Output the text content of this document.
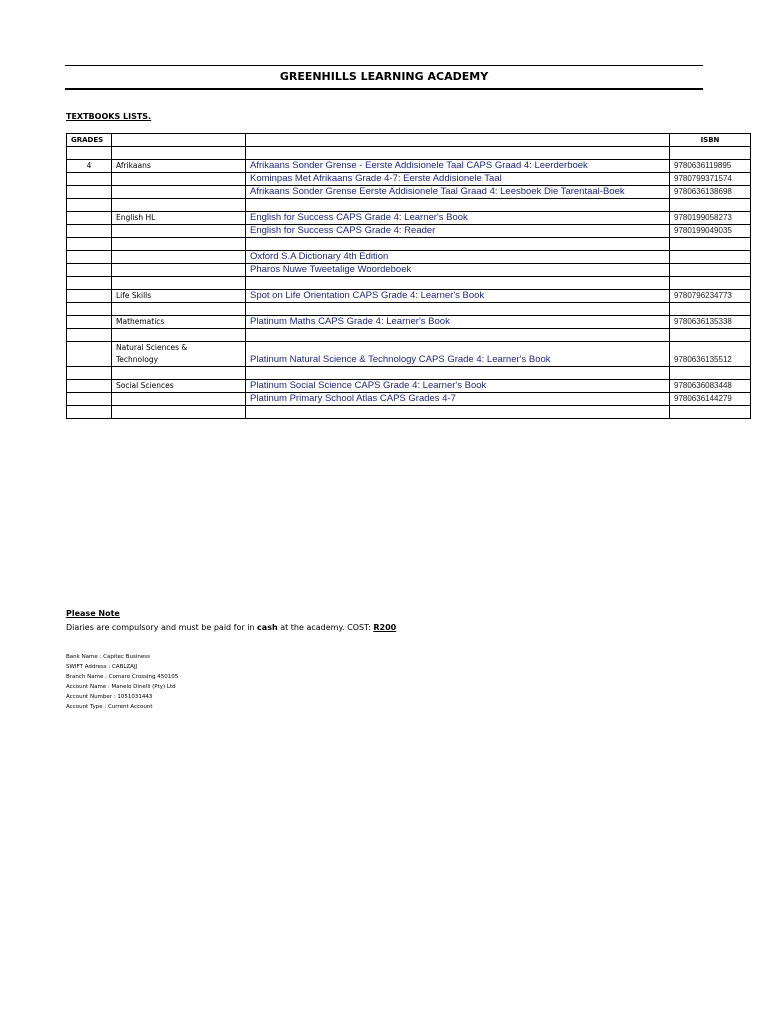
GREENHILLS LEARNING ACADEMY
TEXTBOOKS LISTS.
GRADES			ISBN

4	Afrikaans	Afrikaans Sonder Grense - Eerste Addisionele Taal CAPS Graad 4: Leerderboek	9780636119895
		Kominpas Met Afrikaans Grade 4-7: Eerste Addisionele Taal	9780799371574
		Afrikaans Sonder Grense Eerste Addisionele Taal Graad 4: Leesboek Die Tarentaal-Boek	9780636138698

	English HL	English for Success CAPS Grade 4: Learner's Book	9780199058273
		English for Success CAPS Grade 4: Reader	9780199049035

		Oxford S.A Dictionary 4th Edition	
		Pharos Nuwe Tweetalige Woordeboek	

	Life Skills	Spot on Life Orientation CAPS Grade 4: Learner's Book	9780796234773

	Mathematics	Platinum Maths CAPS Grade 4: Learner's Book	9780636135338

	Natural Sciences &
Technology	Platinum Natural Science & Technology CAPS Grade 4: Learner's Book	9780636135512

	Social Sciences	Platinum Social Science CAPS Grade 4: Learner's Book	9780636083448
		Platinum Primary School Atlas CAPS Grades 4-7	9780636144279

Please Note
Diaries are compulsory and must be paid for in cash at the academy. COST: R200
Bank Name : Capitec Business
SWIFT Address : CABLZAJJ
Branch Name : Comaro Crossing 450105
Account Name : Manelo Dinelli (Pty) Ltd
Account Number : 1051031443
Account Type : Current Account
